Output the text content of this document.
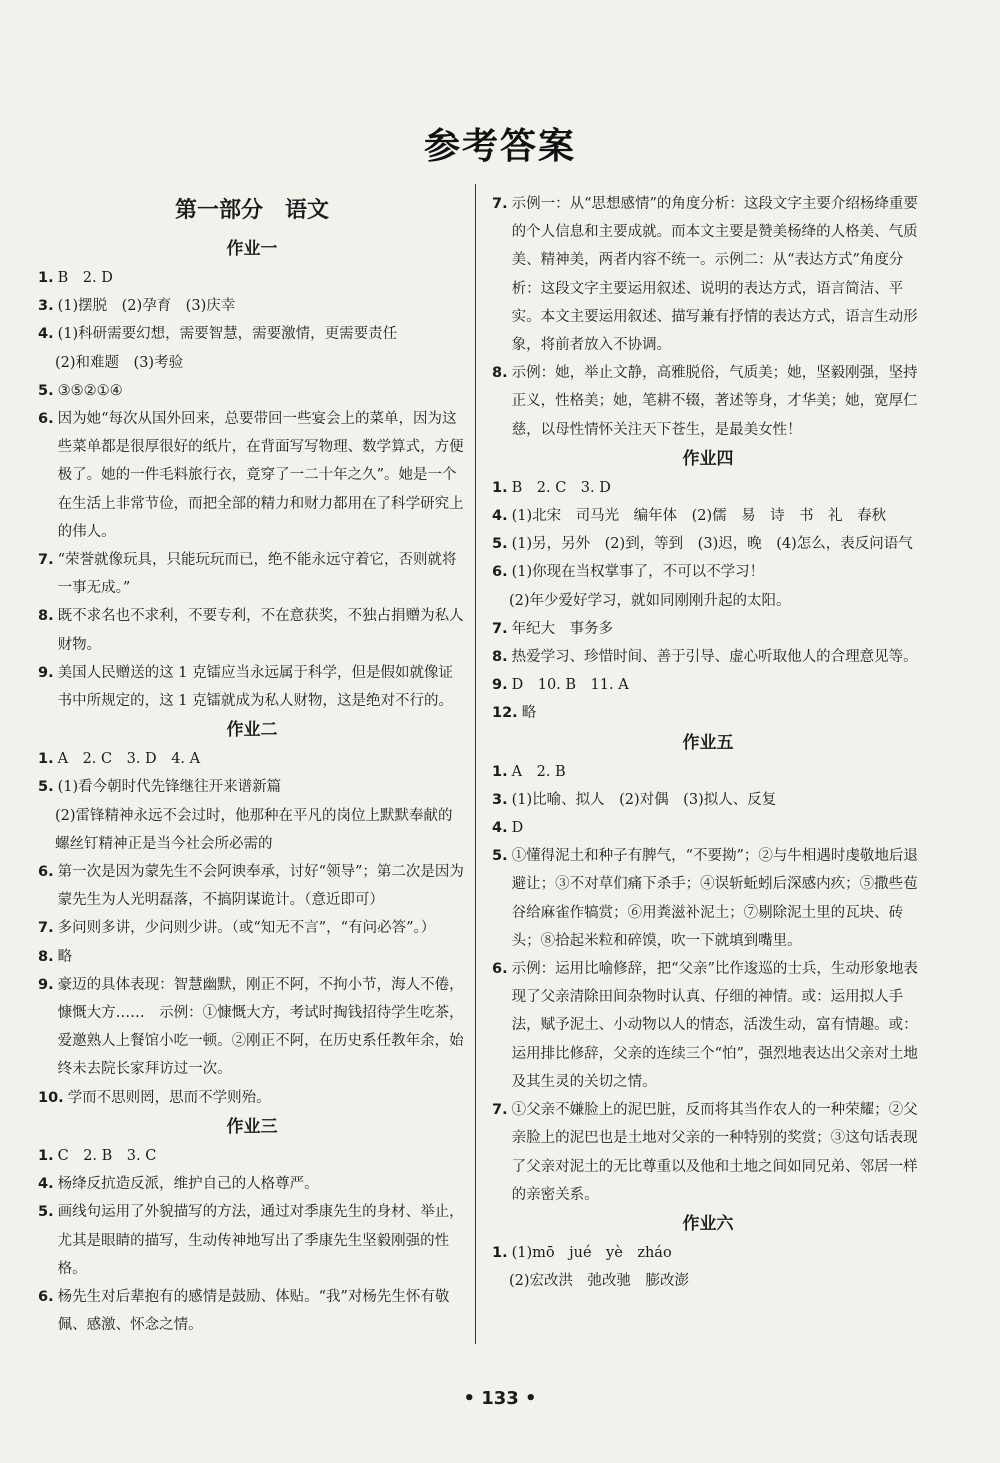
参考答案
第一部分　语文
作业一
1. B　2. D
3. (1)摆脱　(2)孕育　(3)庆幸
4. (1)科研需要幻想，需要智慧，需要激情，更需要责任
(2)和难题　(3)考验
5. ③⑤②①④
6. 因为她“每次从国外回来，总要带回一些宴会上的菜单，因为这些菜单都是很厚很好的纸片，在背面写写物理、数学算式，方便极了。她的一件毛料旅行衣，竟穿了一二十年之久”。她是一个在生活上非常节俭，而把全部的精力和财力都用在了科学研究上的伟人。
7. “荣誉就像玩具，只能玩玩而已，绝不能永远守着它，否则就将一事无成。”
8. 既不求名也不求利，不要专利，不在意获奖，不独占捐赠为私人财物。
9. 美国人民赠送的这 1 克镭应当永远属于科学，但是假如就像证书中所规定的，这 1 克镭就成为私人财物，这是绝对不行的。
作业二
1. A　2. C　3. D　4. A
5. (1)看今朝时代先锋继往开来谱新篇
(2)雷锋精神永远不会过时，他那种在平凡的岗位上默默奉献的螺丝钉精神正是当今社会所必需的
6. 第一次是因为蒙先生不会阿谀奉承，讨好“领导”；第二次是因为蒙先生为人光明磊落，不搞阴谋诡计。（意近即可）
7. 多问则多讲，少问则少讲。（或“知无不言”，“有问必答”。）
8. 略
9. 豪迈的具体表现：智慧幽默，刚正不阿，不拘小节，海人不倦，慷慨大方……　示例：①慷慨大方，考试时掏钱招待学生吃茶，爱邀熟人上餐馆小吃一顿。②刚正不阿，在历史系任教年余，始终未去院长家拜访过一次。
10. 学而不思则罔，思而不学则殆。
作业三
1. C　2. B　3. C
4. 杨绛反抗造反派，维护自己的人格尊严。
5. 画线句运用了外貌描写的方法，通过对季康先生的身材、举止，尤其是眼睛的描写，生动传神地写出了季康先生坚毅刚强的性格。
6. 杨先生对后辈抱有的感情是鼓励、体贴。“我”对杨先生怀有敬佩、感激、怀念之情。
7. 示例一：从“思想感情”的角度分析：这段文字主要介绍杨绛重要的个人信息和主要成就。而本文主要是赞美杨绛的人格美、气质美、精神美，两者内容不统一。示例二：从“表达方式”角度分析：这段文字主要运用叙述、说明的表达方式，语言简洁、平实。本文主要运用叙述、描写兼有抒情的表达方式，语言生动形象，将前者放入不协调。
8. 示例：她，举止文静，高雅脱俗，气质美；她，坚毅刚强，坚持正义，性格美；她，笔耕不辍，著述等身，才华美；她，宽厚仁慈，以母性情怀关注天下苍生，是最美女性！
作业四
1. B　2. C　3. D
4. (1)北宋　司马光　编年体　(2)儒　易　诗　书　礼　春秋
5. (1)另，另外　(2)到，等到　(3)迟，晚　(4)怎么，表反问语气
6. (1)你现在当权掌事了，不可以不学习！
(2)年少爱好学习，就如同刚刚升起的太阳。
7. 年纪大　事务多
8. 热爱学习、珍惜时间、善于引导、虚心听取他人的合理意见等。
9. D　10. B　11. A
12. 略
作业五
1. A　2. B
3. (1)比喻、拟人　(2)对偶　(3)拟人、反复
4. D
5. ①懂得泥土和种子有脾气，“不要拗”；②与牛相遇时虔敬地后退避让；③不对草们痛下杀手；④误斩蚯蚓后深感内疚；⑤撒些苞谷给麻雀作犒赏；⑥用粪滋补泥土；⑦剔除泥土里的瓦块、砖头；⑧拾起米粒和碎馍，吹一下就填到嘴里。
6. 示例：运用比喻修辞，把“父亲”比作逡巡的士兵，生动形象地表现了父亲清除田间杂物时认真、仔细的神情。或：运用拟人手法，赋予泥土、小动物以人的情态，活泼生动，富有情趣。或：运用排比修辞，父亲的连续三个“怕”，强烈地表达出父亲对土地及其生灵的关切之情。
7. ①父亲不嫌脸上的泥巴脏，反而将其当作农人的一种荣耀；②父亲脸上的泥巴也是土地对父亲的一种特别的奖赏；③这句话表现了父亲对泥土的无比尊重以及他和土地之间如同兄弟、邻居一样的亲密关系。
作业六
1. (1)mō　jué　yè　zháo
(2)宏改洪　弛改驰　膨改澎
• 133 •
